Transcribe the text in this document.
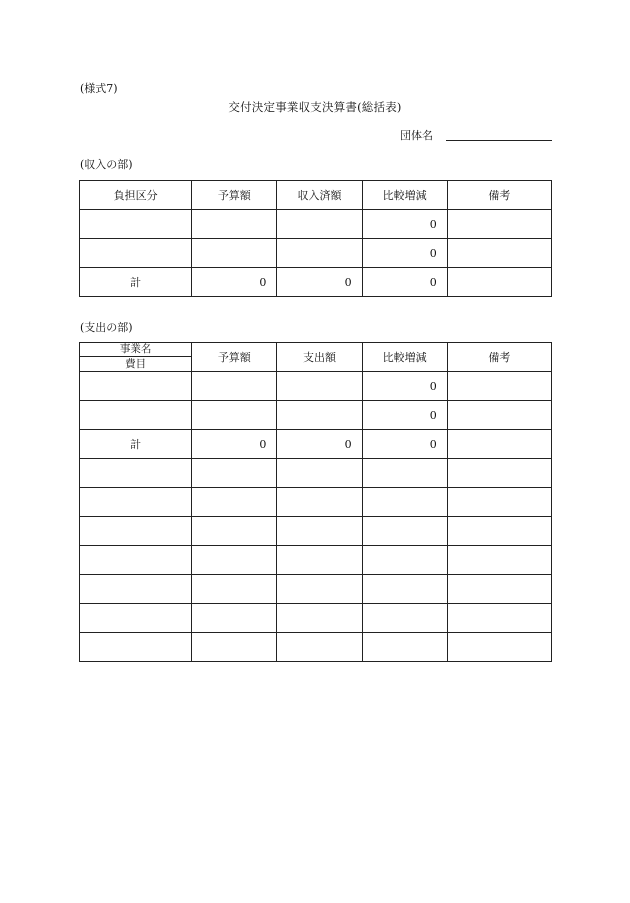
(様式7)
交付決定事業収支決算書(総括表)
団体名
(収入の部)
負担区分	予算額	収入済額	比較増減	備考
			0	
			0	
計	0	0	0	
(支出の部)
事業名
費目	予算額	支出額	比較増減	備考
			0	
			0	
計	0	0	0	
